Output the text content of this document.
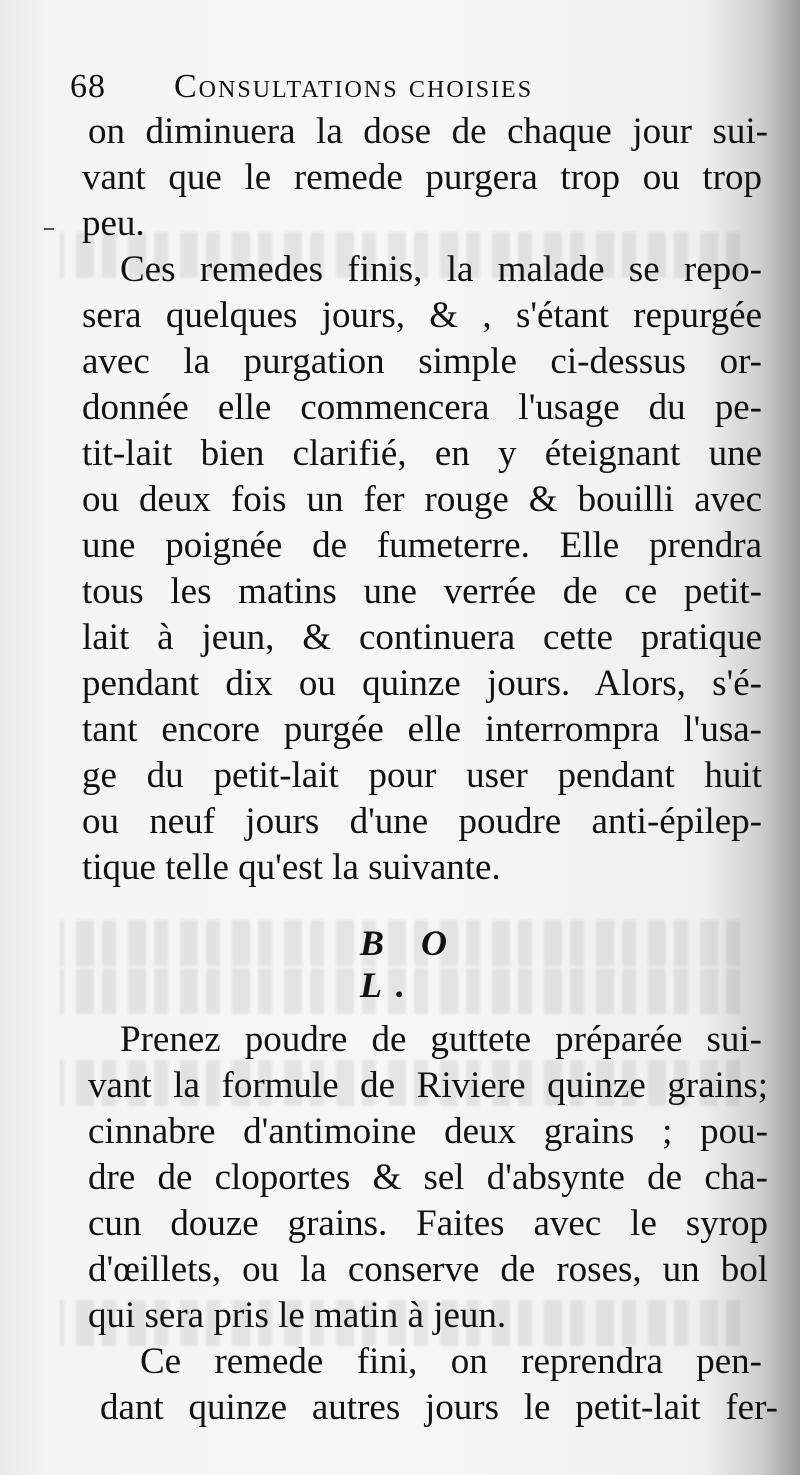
68 Consultations choisies
on diminuera la dose de chaque jour sui-
vant que le remede purgera trop ou trop
peu.
Ces remedes finis, la malade se repo-
sera quelques jours, & , s'étant repurgée
avec la purgation simple ci-dessus or-
donnée elle commencera l'usage du pe-
tit-lait bien clarifié, en y éteignant une
ou deux fois un fer rouge & bouilli avec
une poignée de fumeterre. Elle prendra
tous les matins une verrée de ce petit-
lait à jeun, & continuera cette pratique
pendant dix ou quinze jours. Alors, s'é-
tant encore purgée elle interrompra l'usa-
ge du petit-lait pour user pendant huit
ou neuf jours d'une poudre anti-épilep-
tique telle qu'est la suivante.
B O L.
Prenez poudre de guttete préparée sui-
vant la formule de Riviere quinze grains;
cinnabre d'antimoine deux grains ; pou-
dre de cloportes & sel d'absynte de cha-
cun douze grains. Faites avec le syrop
d'œillets, ou la conserve de roses, un bol
qui sera pris le matin à jeun.
Ce remede fini, on reprendra pen-
dant quinze autres jours le petit-lait fer-
